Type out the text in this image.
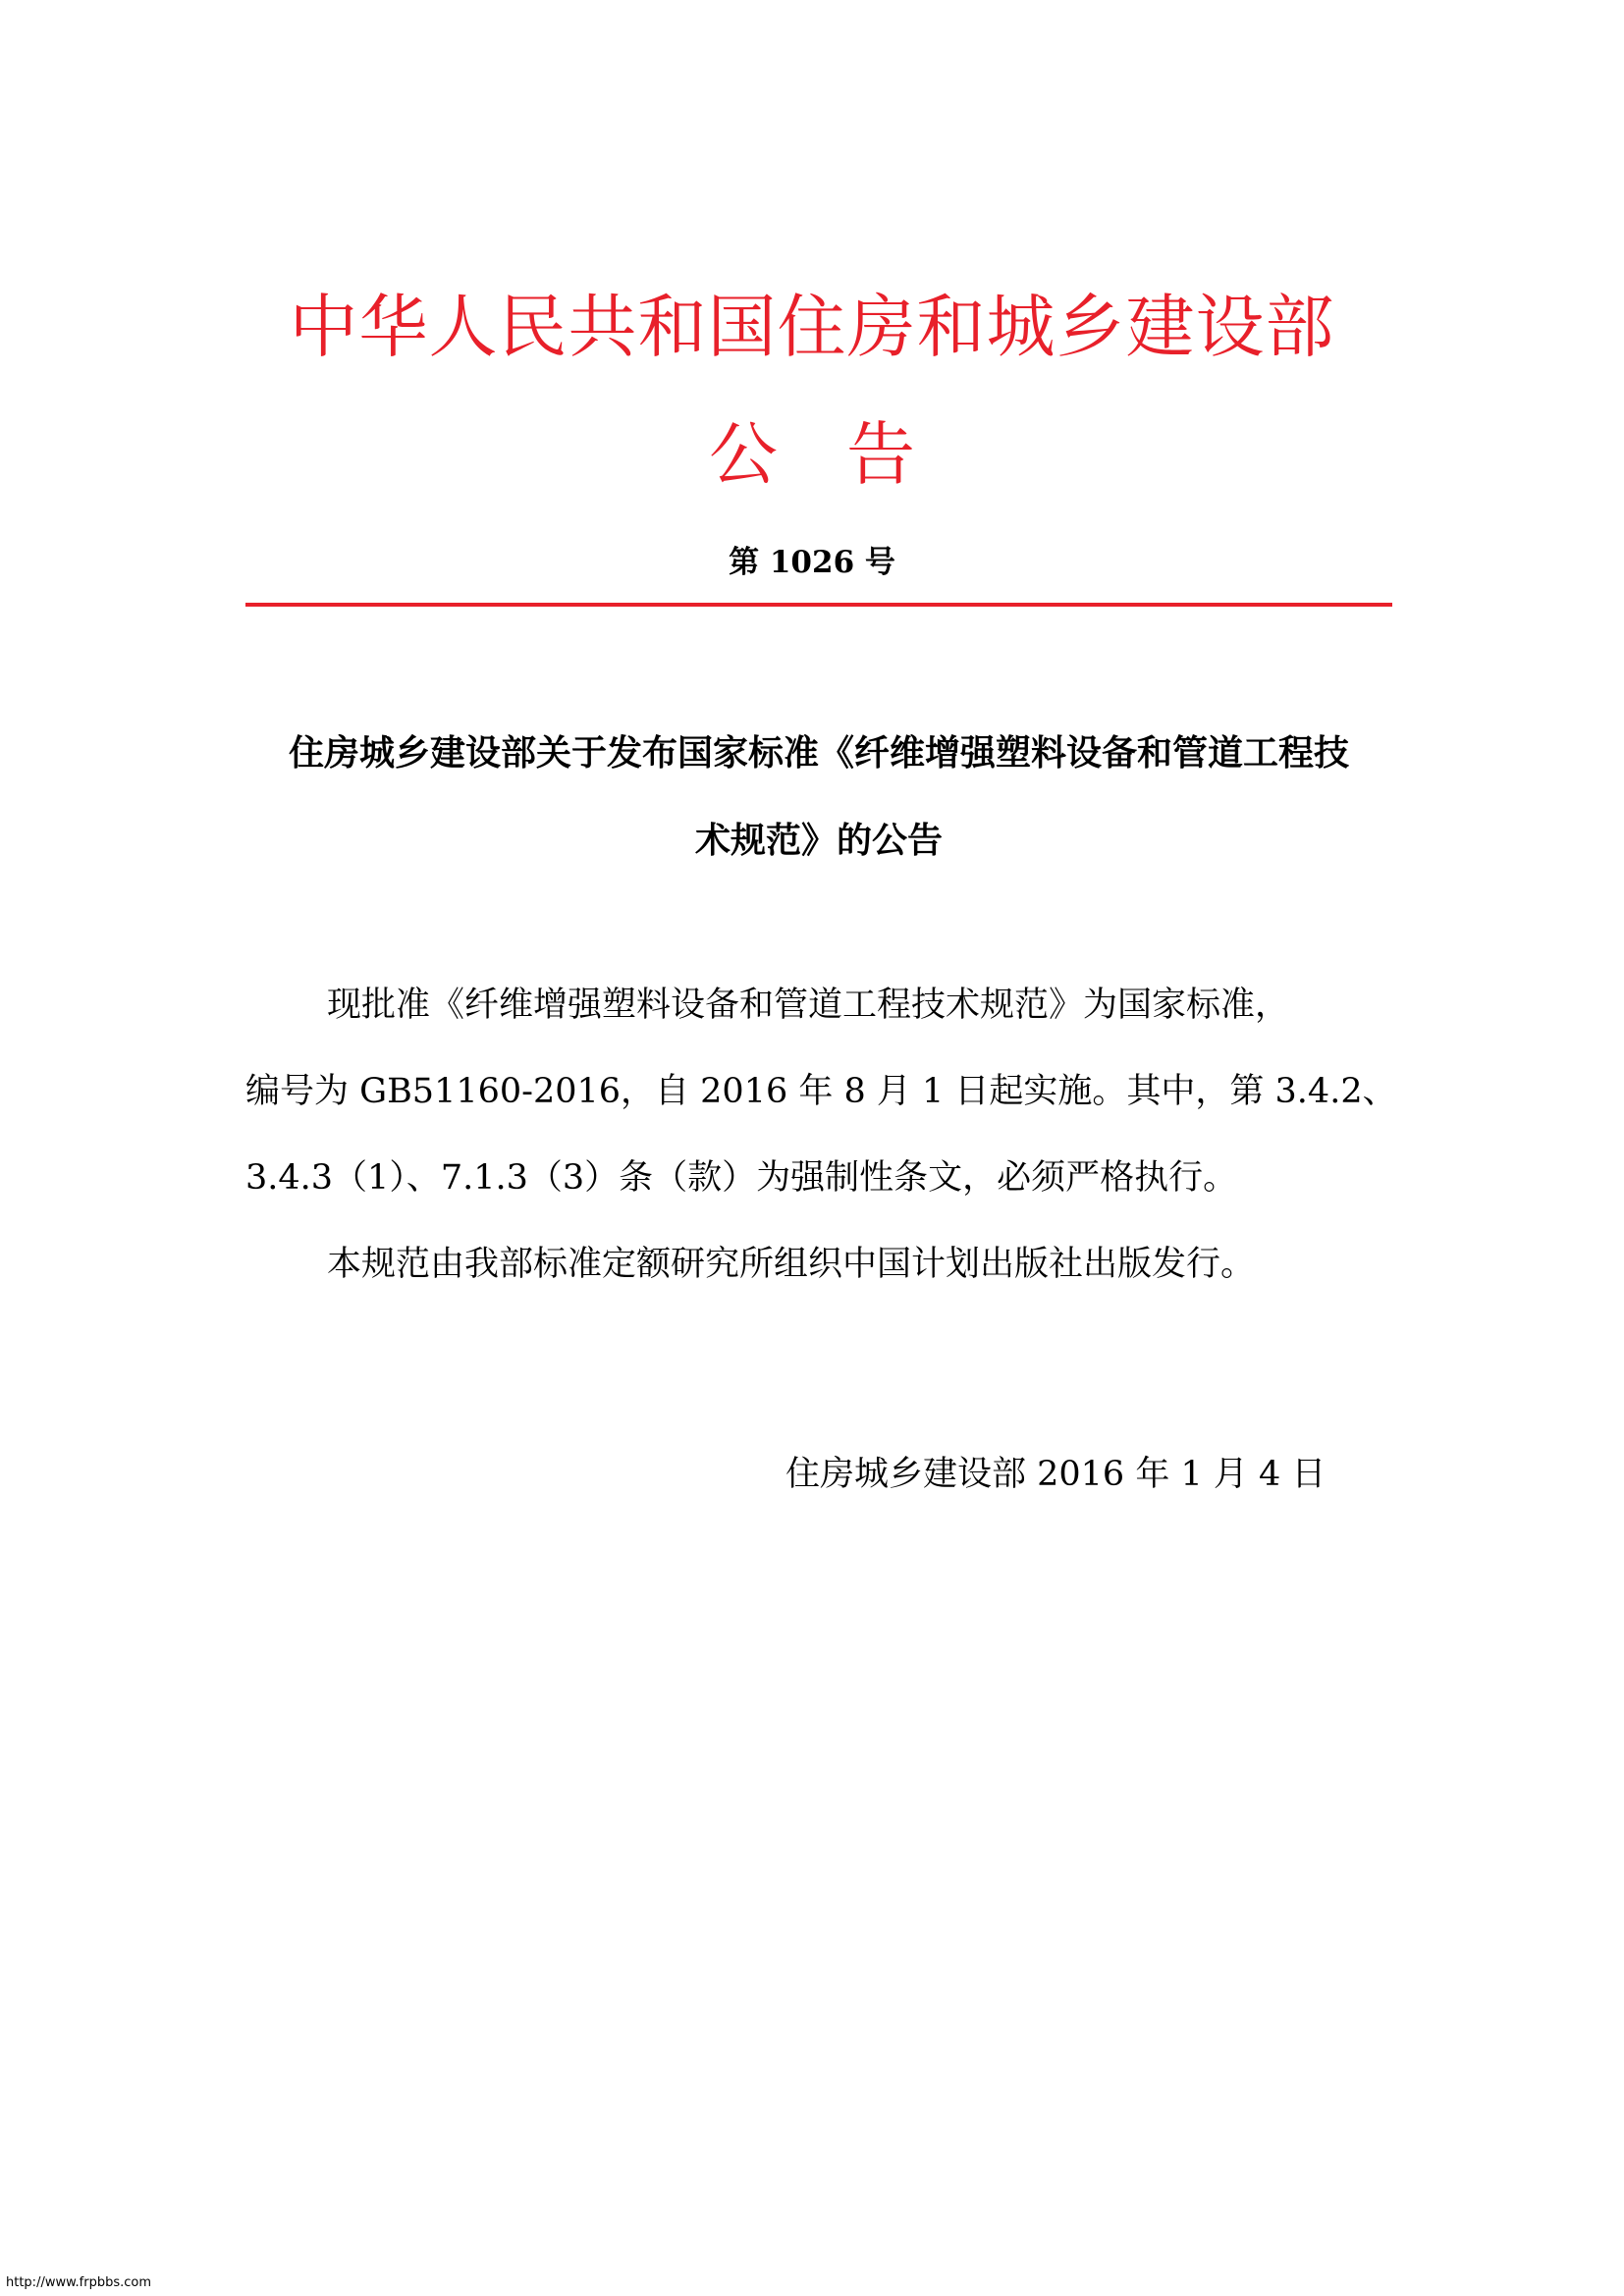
中华人民共和国住房和城乡建设部
公　告
第 1026 号
住房城乡建设部关于发布国家标准《纤维增强塑料设备和管道工程技
术规范》的公告
现批准《纤维增强塑料设备和管道工程技术规范》为国家标准，
编号为 GB51160-2016，自 2016 年 8 月 1 日起实施。其中，第 3.4.2、
3.4.3（1）、7.1.3（3）条（款）为强制性条文，必须严格执行。
本规范由我部标准定额研究所组织中国计划出版社出版发行。
住房城乡建设部 2016 年 1 月 4 日
http://www.frpbbs.com
